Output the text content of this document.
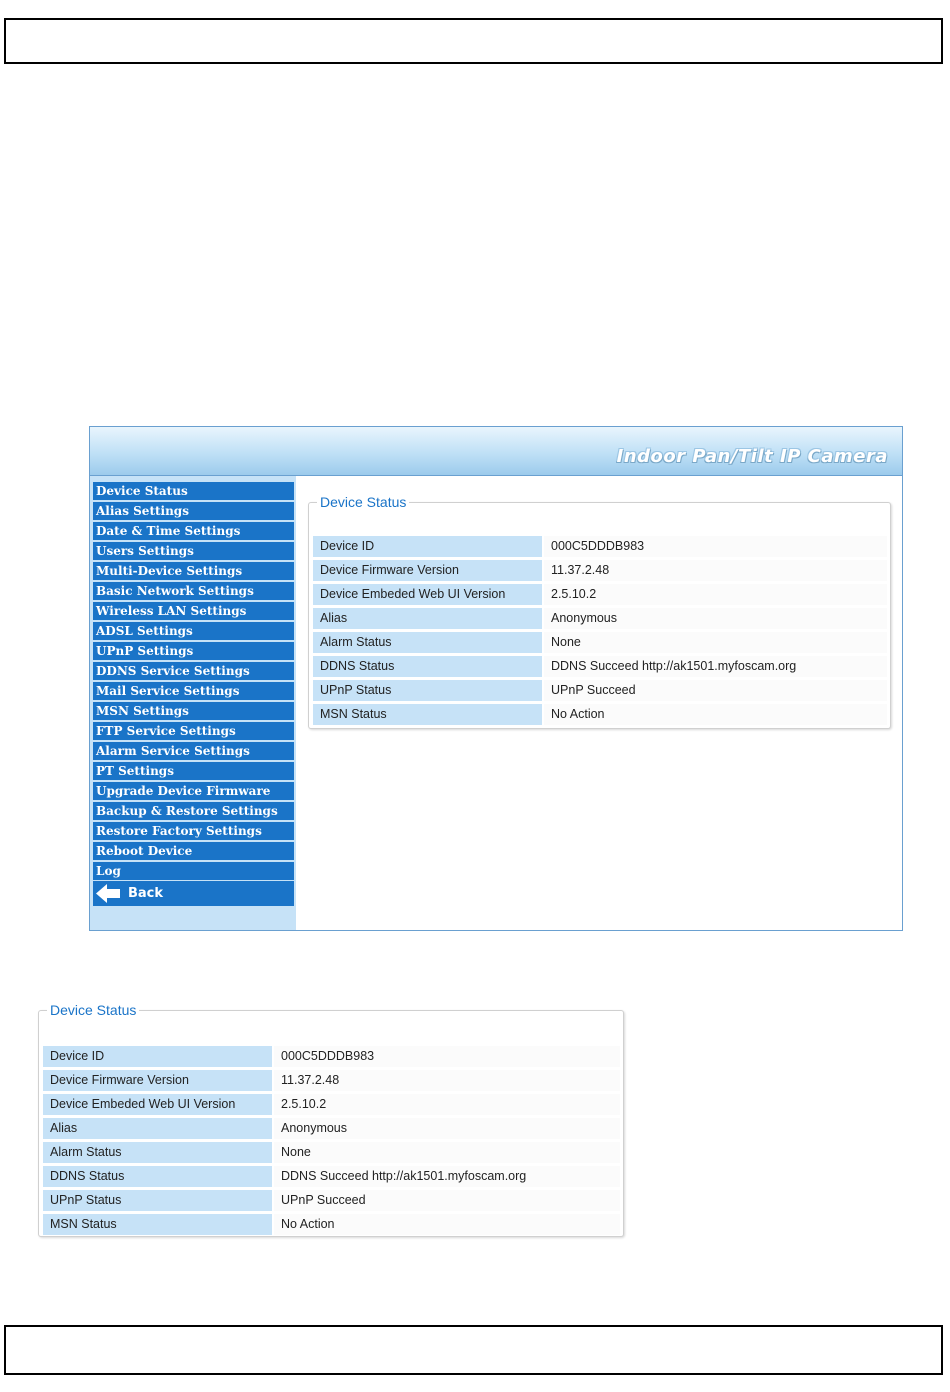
Indoor Pan/Tilt IP Camera
Device Status
Alias Settings
Date & Time Settings
Users Settings
Multi-Device Settings
Basic Network Settings
Wireless LAN Settings
ADSL Settings
UPnP Settings
DDNS Service Settings
Mail Service Settings
MSN Settings
FTP Service Settings
Alarm Service Settings
PT Settings
Upgrade Device Firmware
Backup & Restore Settings
Restore Factory Settings
Reboot Device
Log
Back
Device Status
Device ID	000C5DDDB983
Device Firmware Version	11.37.2.48
Device Embeded Web UI Version	2.5.10.2
Alias	Anonymous
Alarm Status	None
DDNS Status	DDNS Succeed http://ak1501.myfoscam.org
UPnP Status	UPnP Succeed
MSN Status	No Action
Device Status
Device ID	000C5DDDB983
Device Firmware Version	11.37.2.48
Device Embeded Web UI Version	2.5.10.2
Alias	Anonymous
Alarm Status	None
DDNS Status	DDNS Succeed http://ak1501.myfoscam.org
UPnP Status	UPnP Succeed
MSN Status	No Action
